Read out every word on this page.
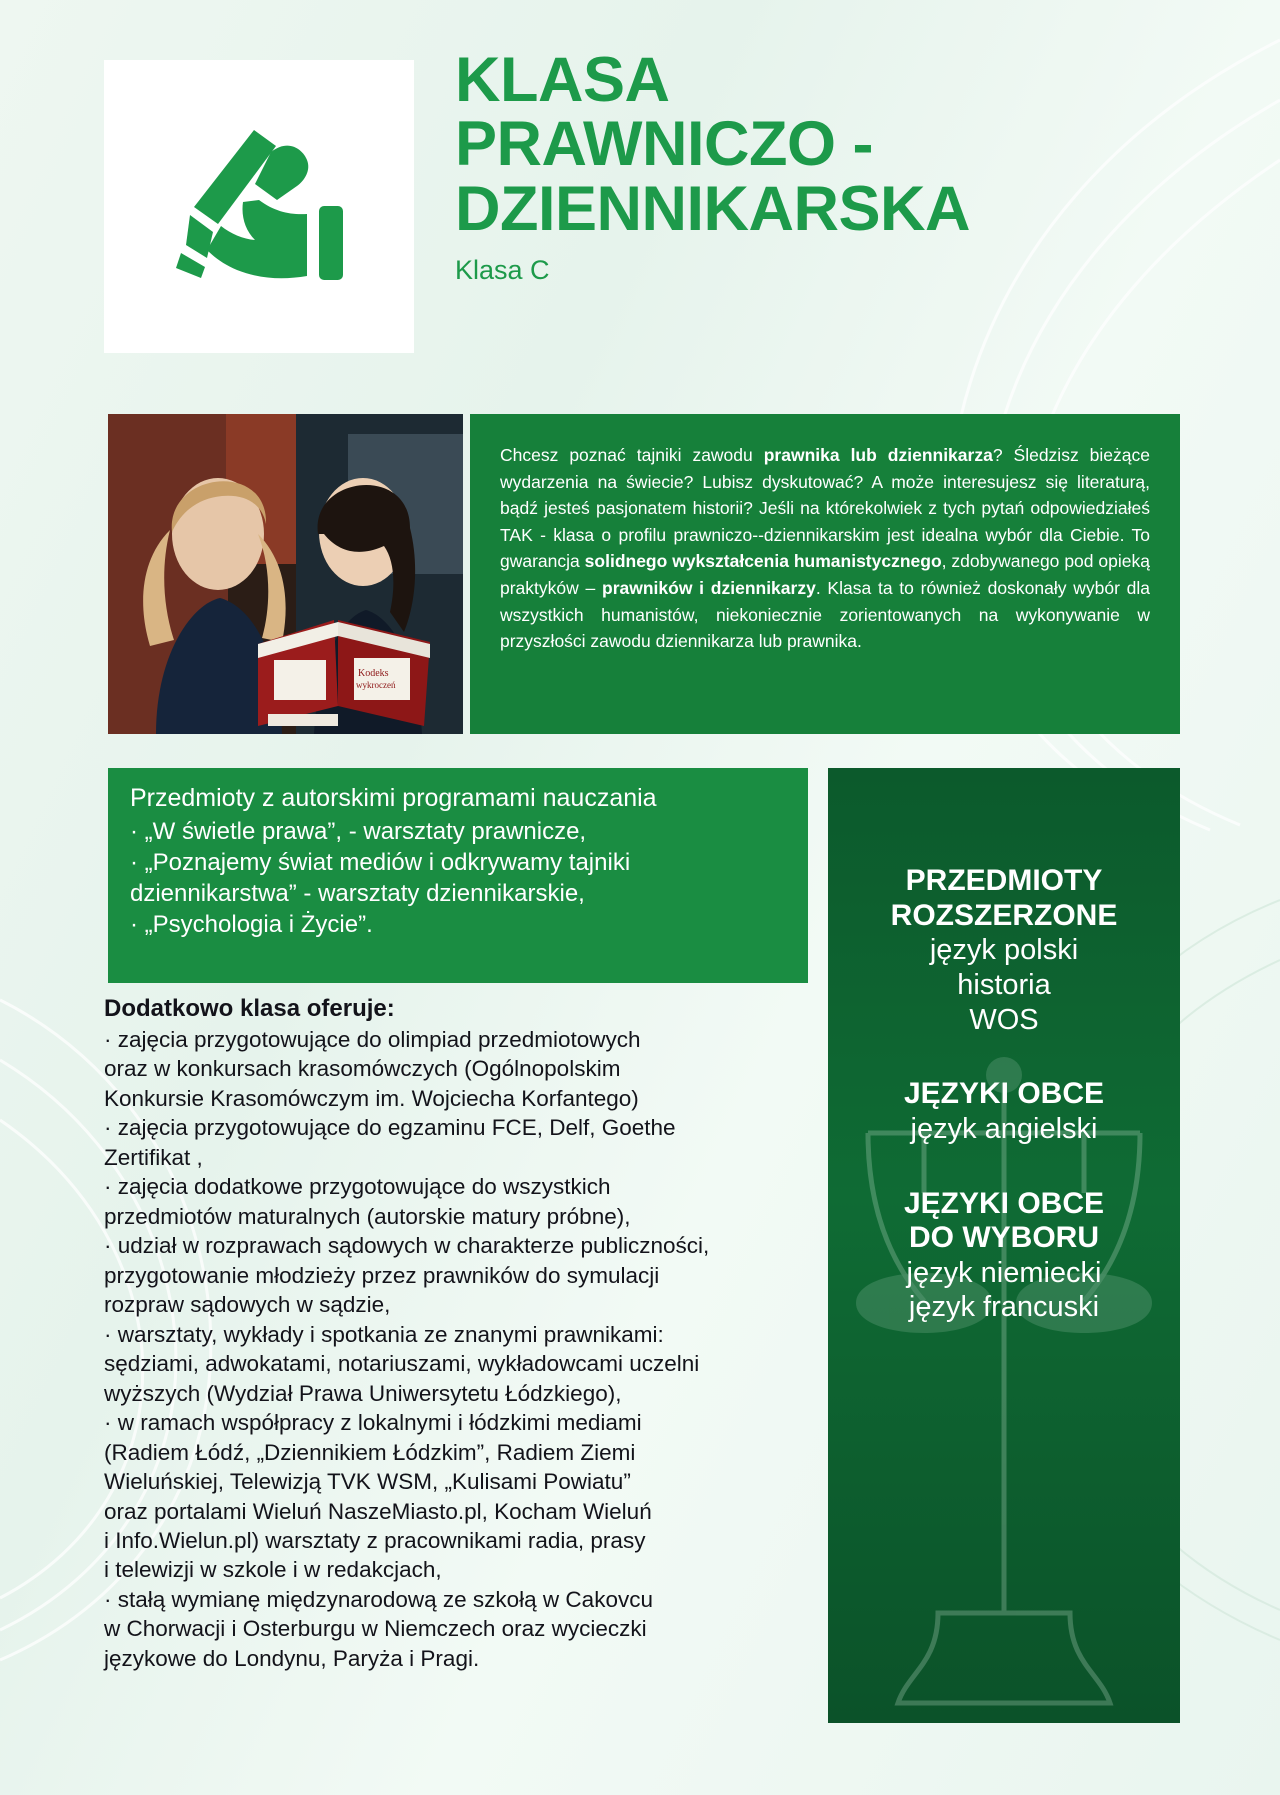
KLASA
PRAWNICZO -
DZIENNIKARSKA
Klasa C
Kodeks
wykroczeń

Chcesz poznać tajniki zawodu prawnika lub dziennikarza? Śledzisz bieżące wydarzenia na świecie? Lubisz dyskutować? A może interesujesz się literaturą, bądź jesteś pasjonatem historii? Jeśli na którekolwiek z tych pytań odpowiedziałeś TAK - klasa o profilu prawniczo--dziennikarskim jest idealna wybór dla Ciebie. To gwarancja solidnego wykształcenia humanistycznego, zdobywanego pod opieką praktyków – prawników i dziennikarzy. Klasa ta to również doskonały wybór dla wszystkich humanistów, niekoniecznie zorientowanych na wykonywanie w przyszłości zawodu dziennikarza lub prawnika.

Przedmioty z autorskimi programami nauczania
· „W świetle prawa”, - warsztaty prawnicze,
· „Poznajemy świat mediów i odkrywamy tajniki
dziennikarstwa” - warsztaty dziennikarskie,
· „Psychologia i Życie”.
Dodatkowo klasa oferuje:
· zajęcia przygotowujące do olimpiad przedmiotowych
oraz w konkursach krasomówczych (Ogólnopolskim
Konkursie Krasomówczym im. Wojciecha Korfantego)
· zajęcia przygotowujące do egzaminu FCE, Delf, Goethe
Zertifikat ,
· zajęcia dodatkowe przygotowujące do wszystkich
przedmiotów maturalnych (autorskie matury próbne),
· udział w rozprawach sądowych w charakterze publiczności,
przygotowanie młodzieży przez prawników do symulacji
rozpraw sądowych w sądzie,
· warsztaty, wykłady i spotkania ze znanymi prawnikami:
sędziami, adwokatami, notariuszami, wykładowcami uczelni
wyższych (Wydział Prawa Uniwersytetu Łódzkiego),
· w ramach współpracy z lokalnymi i łódzkimi mediami
(Radiem Łódź, „Dziennikiem Łódzkim”, Radiem Ziemi
Wieluńskiej, Telewizją TVK WSM, „Kulisami Powiatu”
oraz portalami Wieluń NaszeMiasto.pl, Kocham Wieluń
i Info.Wielun.pl) warsztaty z pracownikami radia, prasy
i telewizji w szkole i w redakcjach,
· stałą wymianę międzynarodową ze szkołą w Cakovcu
w Chorwacji i Osterburgu w Niemczech oraz wycieczki
językowe do Londynu, Paryża i Pragi.
PRZEDMIOTY
ROZSZERZONE
język polski
historia
WOS
JĘZYKI OBCE
język angielski
JĘZYKI OBCE
DO WYBORU
język niemiecki
język francuski
